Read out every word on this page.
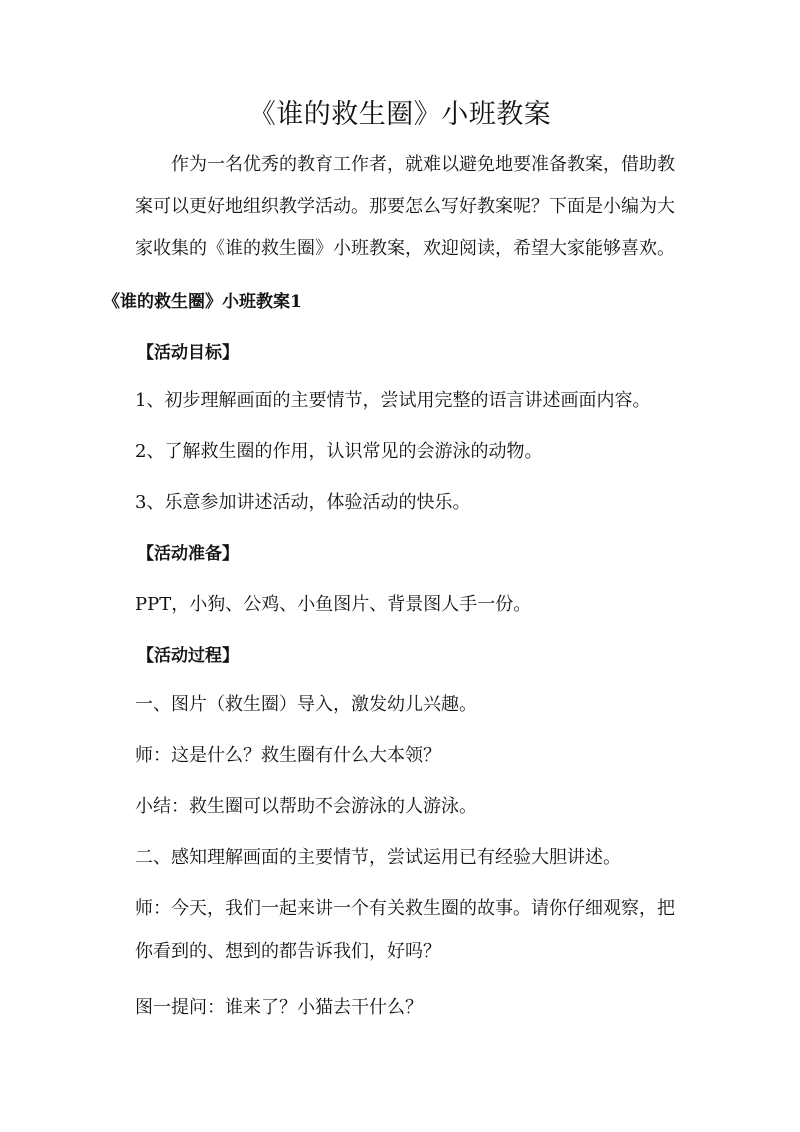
《谁的救生圈》小班教案

作为一名优秀的教育工作者，就难以避免地要准备教案，借助教案可以更好地组织教学活动。那要怎么写好教案呢？下面是小编为大家收集的《谁的救生圈》小班教案，欢迎阅读，希望大家能够喜欢。

《谁的救生圈》小班教案1

【活动目标】

1、初步理解画面的主要情节，尝试用完整的语言讲述画面内容。

2、了解救生圈的作用，认识常见的会游泳的动物。

3、乐意参加讲述活动，体验活动的快乐。

【活动准备】

PPT，小狗、公鸡、小鱼图片、背景图人手一份。

【活动过程】

一、图片（救生圈）导入，激发幼儿兴趣。

师：这是什么？救生圈有什么大本领？

小结：救生圈可以帮助不会游泳的人游泳。

二、感知理解画面的主要情节，尝试运用已有经验大胆讲述。

师：今天，我们一起来讲一个有关救生圈的故事。请你仔细观察，把你看到的、想到的都告诉我们，好吗？

图一提问：谁来了？小猫去干什么？
